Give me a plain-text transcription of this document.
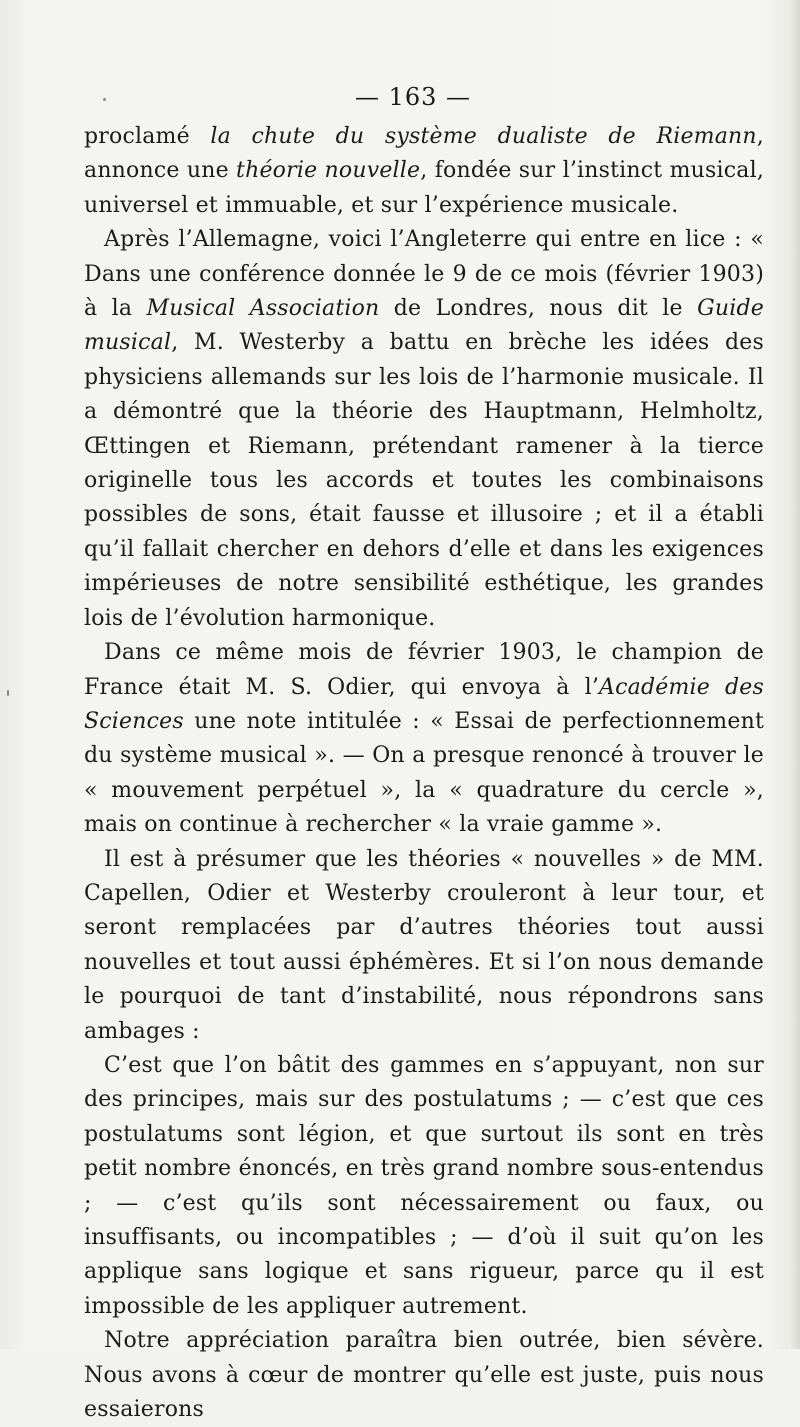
— 163 —

proclamé la chute du système dualiste de Riemann, annonce une théorie nouvelle, fondée sur l’instinct musical, universel et immuable, et sur l’expérience musicale.

Après l’Allemagne, voici l’Angleterre qui entre en lice : « Dans une conférence donnée le 9 de ce mois (février 1903) à la Musical Association de Londres, nous dit le Guide musical, M. Westerby a battu en brèche les idées des physiciens allemands sur les lois de l’harmonie musicale. Il a démontré que la théorie des Hauptmann, Helmholtz, Œttingen et Riemann, prétendant ramener à la tierce originelle tous les accords et toutes les combinaisons possibles de sons, était fausse et illusoire ; et il a établi qu’il fallait chercher en dehors d’elle et dans les exigences impérieuses de notre sensibilité esthétique, les grandes lois de l’évolution harmonique.

Dans ce même mois de février 1903, le champion de France était M. S. Odier, qui envoya à l’Académie des Sciences une note intitulée : « Essai de perfectionnement du système musical ». — On a presque renoncé à trouver le « mouvement perpétuel », la « quadrature du cercle », mais on continue à rechercher « la vraie gamme ».

Il est à présumer que les théories « nouvelles » de MM. Capellen, Odier et Westerby crouleront à leur tour, et seront remplacées par d’autres théories tout aussi nouvelles et tout aussi éphémères. Et si l’on nous demande le pourquoi de tant d’instabilité, nous répondrons sans ambages :

C’est que l’on bâtit des gammes en s’appuyant, non sur des principes, mais sur des postulatums ; — c’est que ces postulatums sont légion, et que surtout ils sont en très petit nombre énoncés, en très grand nombre sous-entendus ; — c’est qu’ils sont nécessairement ou faux, ou insuffisants, ou incompatibles ; — d’où il suit qu’on les applique sans logique et sans rigueur, parce qu il est impossible de les appliquer autrement.

Notre appréciation paraîtra bien outrée, bien sévère. Nous avons à cœur de montrer qu’elle est juste, puis nous essaierons
